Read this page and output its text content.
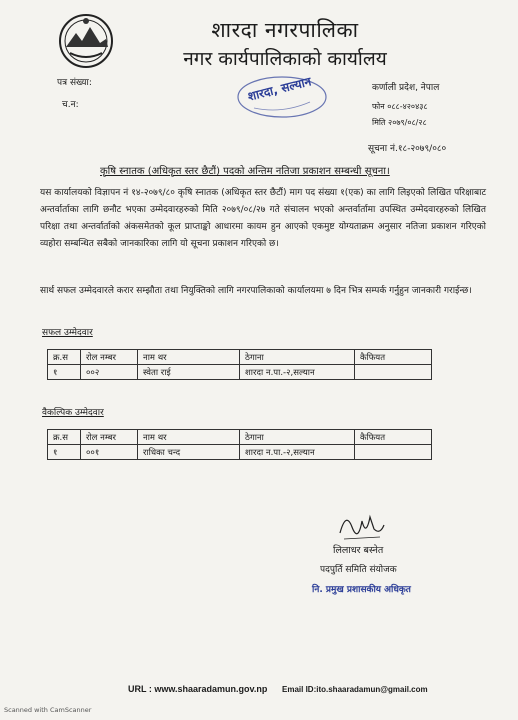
शारदा नगरपालिका
नगर कार्यपालिकाको कार्यालय
पत्र संख्या:
च.न:
शारदा, सल्यान	कर्णाली प्रदेश, नेपाल
फोन ०८८-४२०४३८
मिति २०७९/०८/२८
सूचना नं.१८-२०७९/०८०
कृषि स्नातक (अधिकृत स्तर छैटौं) पदको अन्तिम नतिजा प्रकाशन सम्बन्धी सूचना।
यस कार्यालयको विज्ञापन नं १४-२०७९/८० कृषि स्नातक (अधिकृत स्तर छैटौं) माग पद संख्या १(एक) का लागि लिइएको लिखित परिक्षाबाट अन्तर्वार्ताका लागि छनौट भएका उम्मेदवारहरुको मिति २०७९/०८/२७ गते संचालन भएको अन्तर्वार्तामा उपस्थित उम्मेदवारहरुको लिखित परिक्षा तथा अन्तर्वार्ताको अंकसमेतको कूल प्राप्ताङ्को आधारमा कायम हुन आएको एकमुष्ट योग्यताक्रम अनुसार नतिजा प्रकाशन गरिएको व्यहोरा सम्बन्धित सबैको जानकारिका लागि यो सूचना प्रकाशन गरिएको छ।
सार्थ सफल उम्मेदवारले करार सम्झौता तथा नियुक्तिको लागि नगरपालिकाको कार्यालयमा ७ दिन भित्र सम्पर्क गर्नुहुन जानकारी गराईन्छ।
सफल उम्मेदवार
क्र.स	रोल नम्बर	नाम थर	ठेगाना	कैफियत
१	००२	स्वेता राई	शारदा न.पा.-२,सल्यान	
वैकल्पिक उम्मेदवार
क्र.स	रोल नम्बर	नाम थर	ठेगाना	कैफियत
१	००१	राधिका चन्द	शारदा न.पा.-२,सल्यान	
लिलाधर बस्नेत
पदपुर्ति समिति संयोजक
नि. प्रमुख प्रशासकीय अधिकृत
URL : www.shaaradamun.gov.np Email ID:ito.shaaradamun@gmail.com
Scanned with CamScanner
